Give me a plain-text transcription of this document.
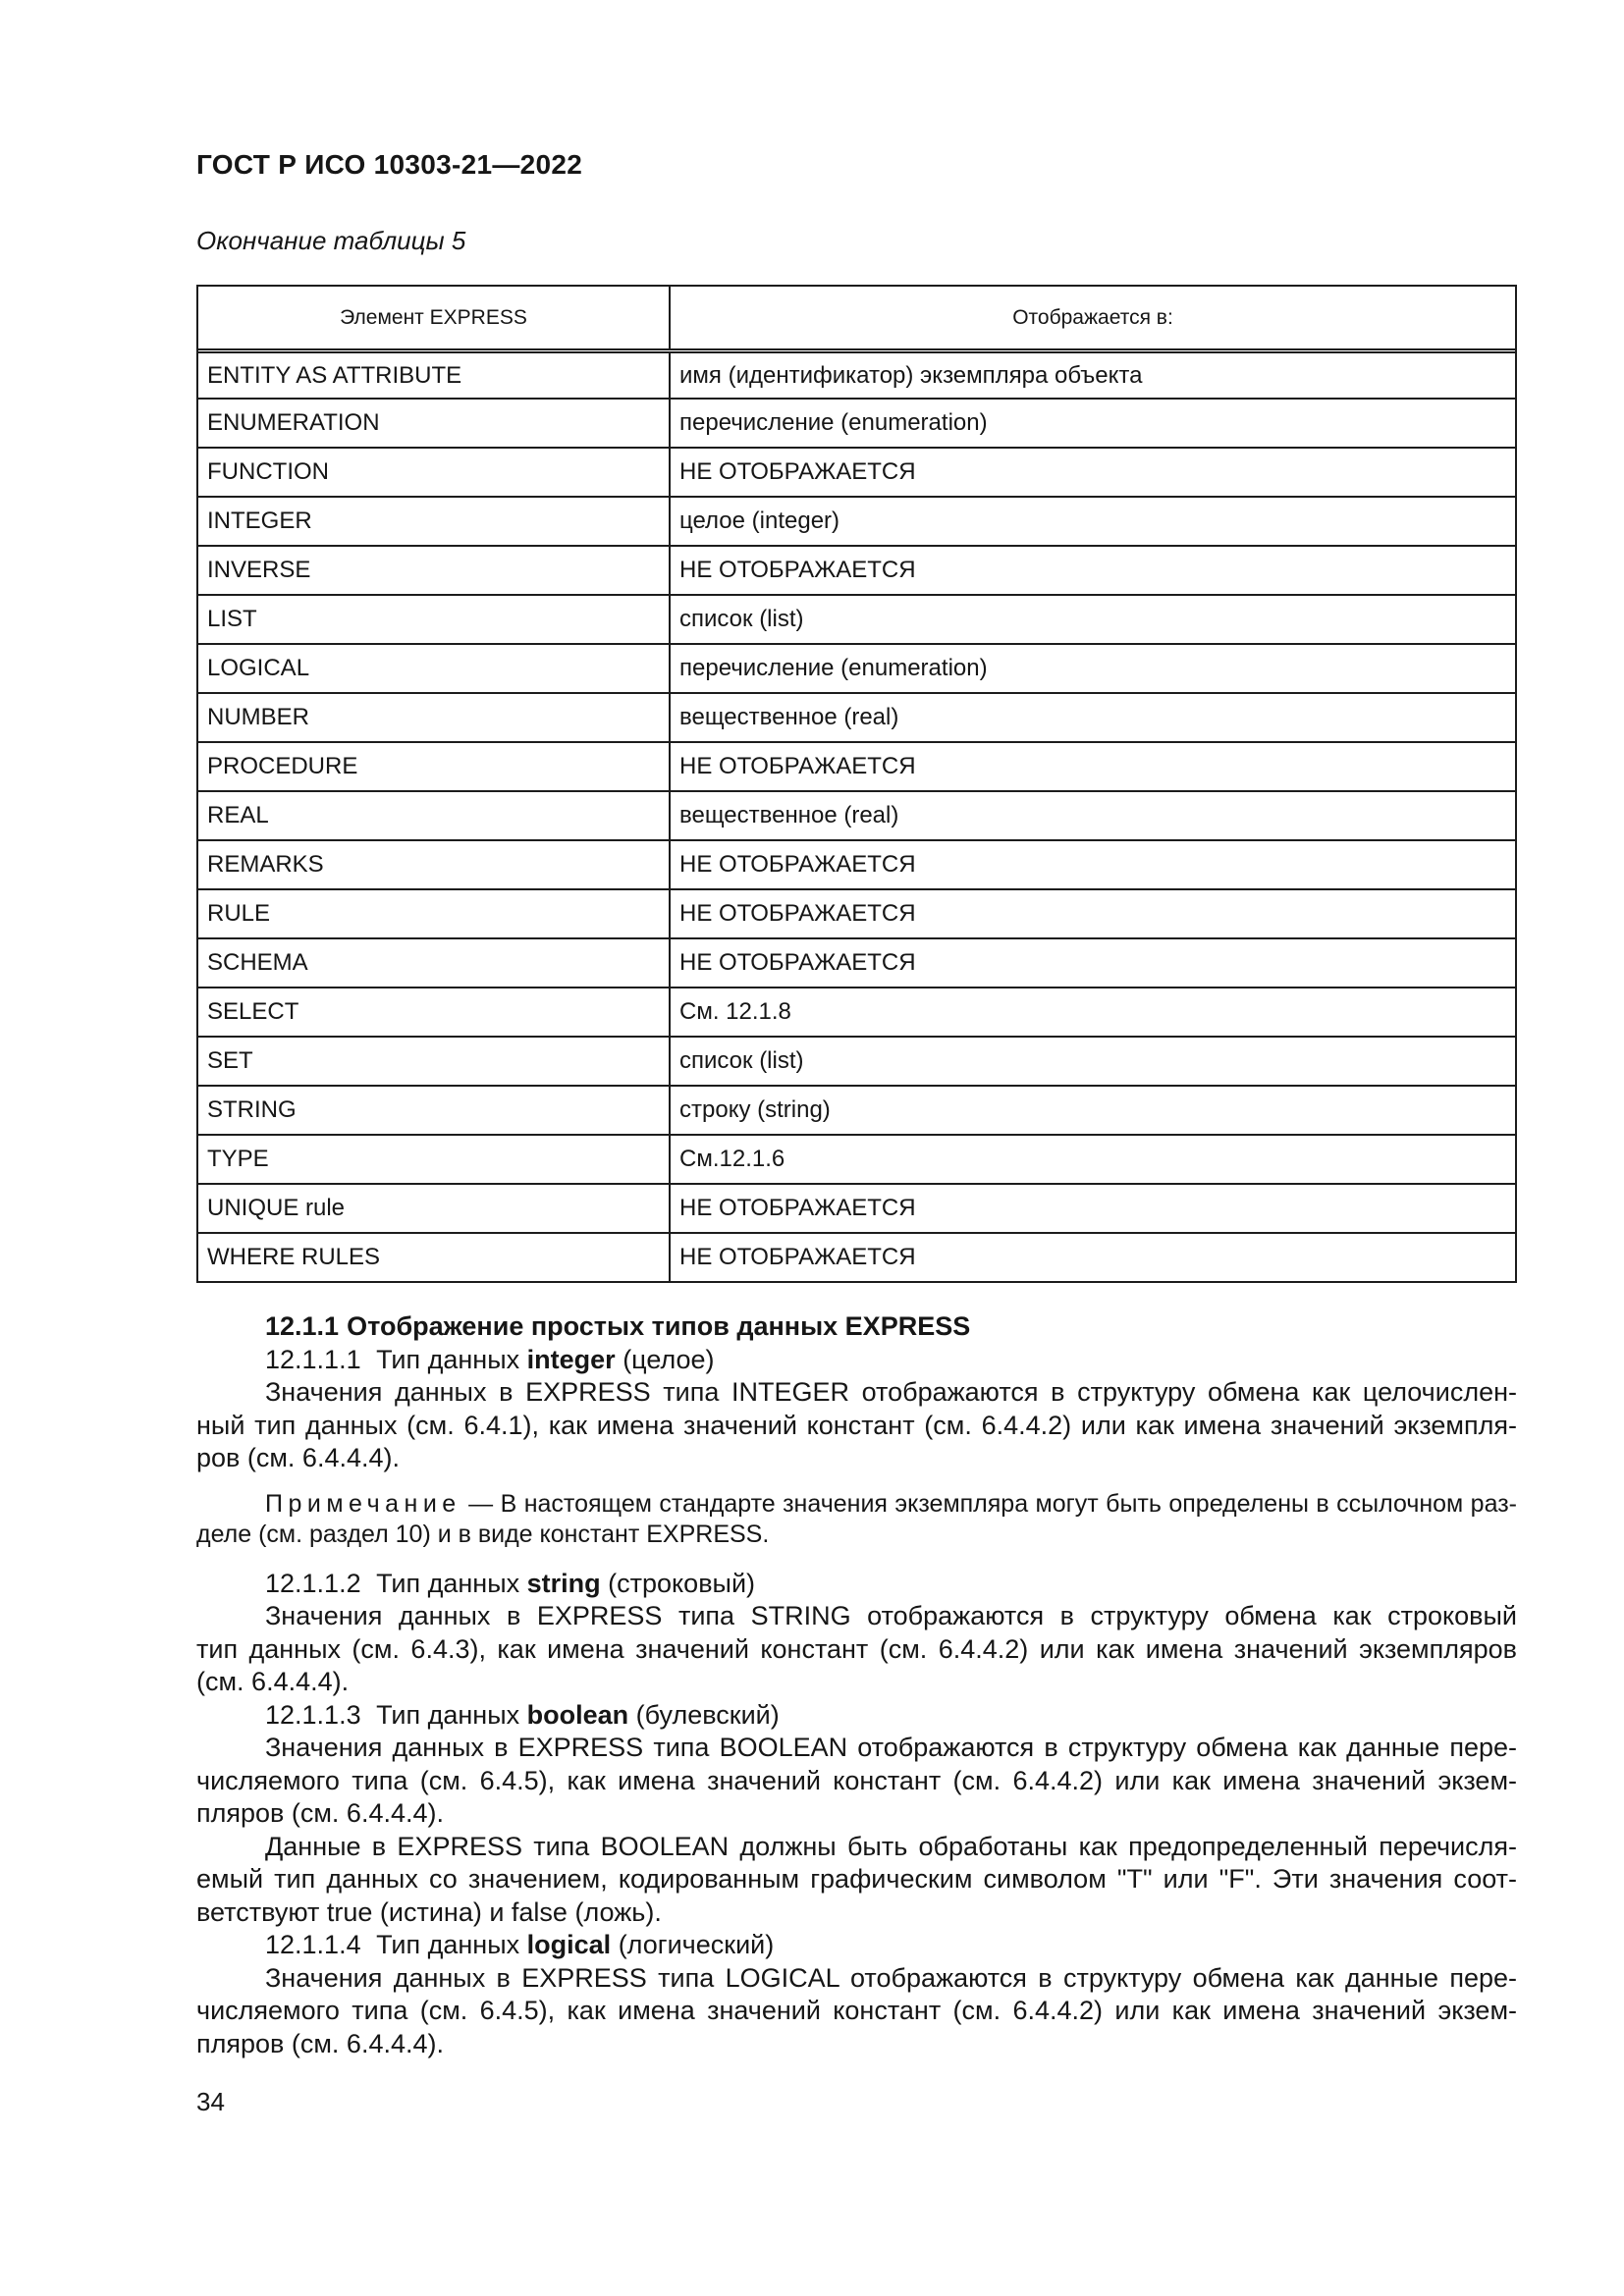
ГОСТ Р ИСО 10303-21—2022
Окончание таблицы 5
Элемент EXPRESS	Отображается в:
ENTITY AS ATTRIBUTE	имя (идентификатор) экземпляра объекта
ENUMERATION	перечисление (enumeration)
FUNCTION	НЕ ОТОБРАЖАЕТСЯ
INTEGER	целое (integer)
INVERSE	НЕ ОТОБРАЖАЕТСЯ
LIST	список (list)
LOGICAL	перечисление (enumeration)
NUMBER	вещественное (real)
PROCEDURE	НЕ ОТОБРАЖАЕТСЯ
REAL	вещественное (real)
REMARKS	НЕ ОТОБРАЖАЕТСЯ
RULE	НЕ ОТОБРАЖАЕТСЯ
SCHEMA	НЕ ОТОБРАЖАЕТСЯ
SELECT	См. 12.1.8
SET	список (list)
STRING	строку (string)
TYPE	См.12.1.6
UNIQUE rule	НЕ ОТОБРАЖАЕТСЯ
WHERE RULES	НЕ ОТОБРАЖАЕТСЯ
12.1.1 Отображение простых типов данных EXPRESS
12.1.1.1 Тип данных integer (целое)
Значения данных в EXPRESS типа INTEGER отображаются в структуру обмена как целочислен-
ный тип данных (см. 6.4.1), как имена значений констант (см. 6.4.4.2) или как имена значений экземпля-
ров (см. 6.4.4.4).
Примечание — В настоящем стандарте значения экземпляра могут быть определены в ссылочном раз-
деле (см. раздел 10) и в виде констант EXPRESS.
12.1.1.2 Тип данных string (строковый)
Значения данных в EXPRESS типа STRING отображаются в структуру обмена как строковый
тип данных (см. 6.4.3), как имена значений констант (см. 6.4.4.2) или как имена значений экземпляров
(см. 6.4.4.4).
12.1.1.3 Тип данных boolean (булевский)
Значения данных в EXPRESS типа BOOLEAN отображаются в структуру обмена как данные пере-
числяемого типа (см. 6.4.5), как имена значений констант (см. 6.4.4.2) или как имена значений экзем-
пляров (см. 6.4.4.4).
Данные в EXPRESS типа BOOLEAN должны быть обработаны как предопределенный перечисля-
емый тип данных со значением, кодированным графическим символом "T" или "F". Эти значения соот-
ветствуют true (истина) и false (ложь).
12.1.1.4 Тип данных logical (логический)
Значения данных в EXPRESS типа LOGICAL отображаются в структуру обмена как данные пере-
числяемого типа (см. 6.4.5), как имена значений констант (см. 6.4.4.2) или как имена значений экзем-
пляров (см. 6.4.4.4).
34
